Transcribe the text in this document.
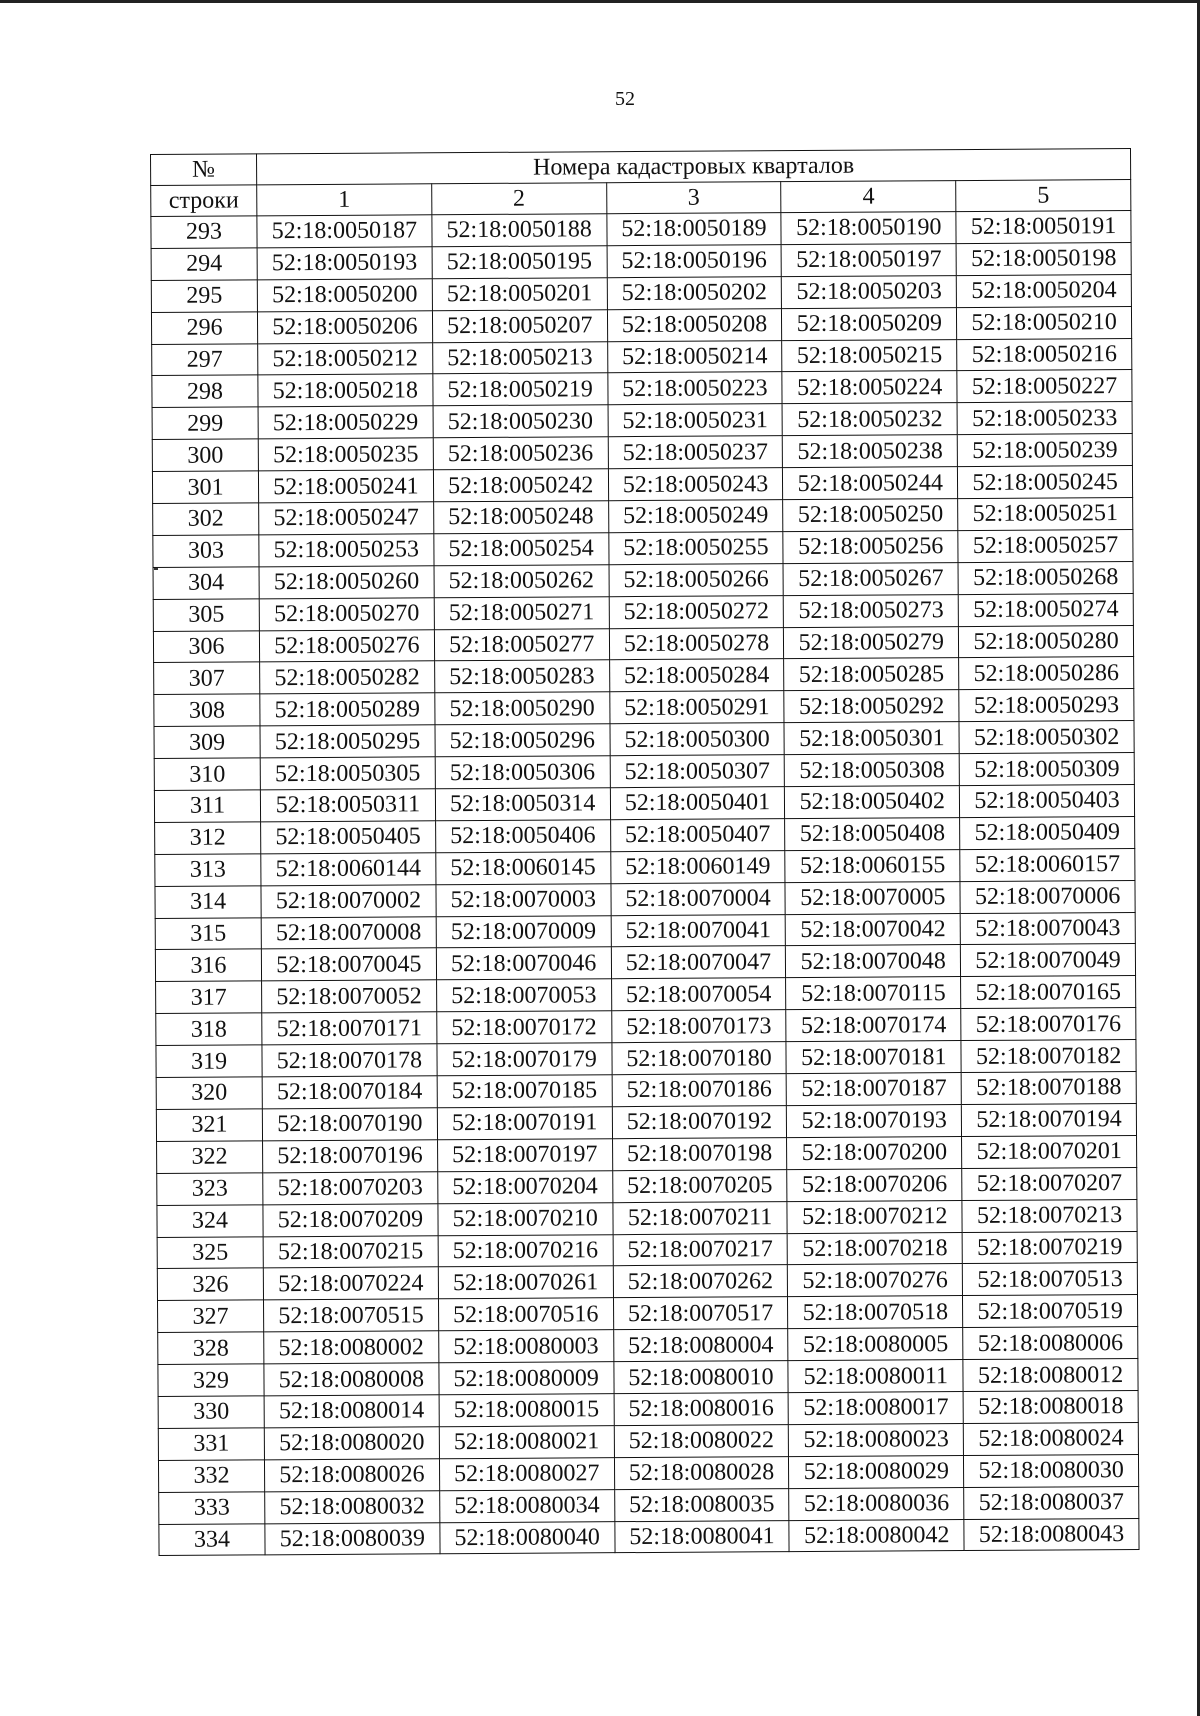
52
№	Номера кадастровых кварталов				
строки	1	2	3	4	5
293	52:18:0050187	52:18:0050188	52:18:0050189	52:18:0050190	52:18:0050191
294	52:18:0050193	52:18:0050195	52:18:0050196	52:18:0050197	52:18:0050198
295	52:18:0050200	52:18:0050201	52:18:0050202	52:18:0050203	52:18:0050204
296	52:18:0050206	52:18:0050207	52:18:0050208	52:18:0050209	52:18:0050210
297	52:18:0050212	52:18:0050213	52:18:0050214	52:18:0050215	52:18:0050216
298	52:18:0050218	52:18:0050219	52:18:0050223	52:18:0050224	52:18:0050227
299	52:18:0050229	52:18:0050230	52:18:0050231	52:18:0050232	52:18:0050233
300	52:18:0050235	52:18:0050236	52:18:0050237	52:18:0050238	52:18:0050239
301	52:18:0050241	52:18:0050242	52:18:0050243	52:18:0050244	52:18:0050245
302	52:18:0050247	52:18:0050248	52:18:0050249	52:18:0050250	52:18:0050251
303	52:18:0050253	52:18:0050254	52:18:0050255	52:18:0050256	52:18:0050257
304	52:18:0050260	52:18:0050262	52:18:0050266	52:18:0050267	52:18:0050268
305	52:18:0050270	52:18:0050271	52:18:0050272	52:18:0050273	52:18:0050274
306	52:18:0050276	52:18:0050277	52:18:0050278	52:18:0050279	52:18:0050280
307	52:18:0050282	52:18:0050283	52:18:0050284	52:18:0050285	52:18:0050286
308	52:18:0050289	52:18:0050290	52:18:0050291	52:18:0050292	52:18:0050293
309	52:18:0050295	52:18:0050296	52:18:0050300	52:18:0050301	52:18:0050302
310	52:18:0050305	52:18:0050306	52:18:0050307	52:18:0050308	52:18:0050309
311	52:18:0050311	52:18:0050314	52:18:0050401	52:18:0050402	52:18:0050403
312	52:18:0050405	52:18:0050406	52:18:0050407	52:18:0050408	52:18:0050409
313	52:18:0060144	52:18:0060145	52:18:0060149	52:18:0060155	52:18:0060157
314	52:18:0070002	52:18:0070003	52:18:0070004	52:18:0070005	52:18:0070006
315	52:18:0070008	52:18:0070009	52:18:0070041	52:18:0070042	52:18:0070043
316	52:18:0070045	52:18:0070046	52:18:0070047	52:18:0070048	52:18:0070049
317	52:18:0070052	52:18:0070053	52:18:0070054	52:18:0070115	52:18:0070165
318	52:18:0070171	52:18:0070172	52:18:0070173	52:18:0070174	52:18:0070176
319	52:18:0070178	52:18:0070179	52:18:0070180	52:18:0070181	52:18:0070182
320	52:18:0070184	52:18:0070185	52:18:0070186	52:18:0070187	52:18:0070188
321	52:18:0070190	52:18:0070191	52:18:0070192	52:18:0070193	52:18:0070194
322	52:18:0070196	52:18:0070197	52:18:0070198	52:18:0070200	52:18:0070201
323	52:18:0070203	52:18:0070204	52:18:0070205	52:18:0070206	52:18:0070207
324	52:18:0070209	52:18:0070210	52:18:0070211	52:18:0070212	52:18:0070213
325	52:18:0070215	52:18:0070216	52:18:0070217	52:18:0070218	52:18:0070219
326	52:18:0070224	52:18:0070261	52:18:0070262	52:18:0070276	52:18:0070513
327	52:18:0070515	52:18:0070516	52:18:0070517	52:18:0070518	52:18:0070519
328	52:18:0080002	52:18:0080003	52:18:0080004	52:18:0080005	52:18:0080006
329	52:18:0080008	52:18:0080009	52:18:0080010	52:18:0080011	52:18:0080012
330	52:18:0080014	52:18:0080015	52:18:0080016	52:18:0080017	52:18:0080018
331	52:18:0080020	52:18:0080021	52:18:0080022	52:18:0080023	52:18:0080024
332	52:18:0080026	52:18:0080027	52:18:0080028	52:18:0080029	52:18:0080030
333	52:18:0080032	52:18:0080034	52:18:0080035	52:18:0080036	52:18:0080037
334	52:18:0080039	52:18:0080040	52:18:0080041	52:18:0080042	52:18:0080043
